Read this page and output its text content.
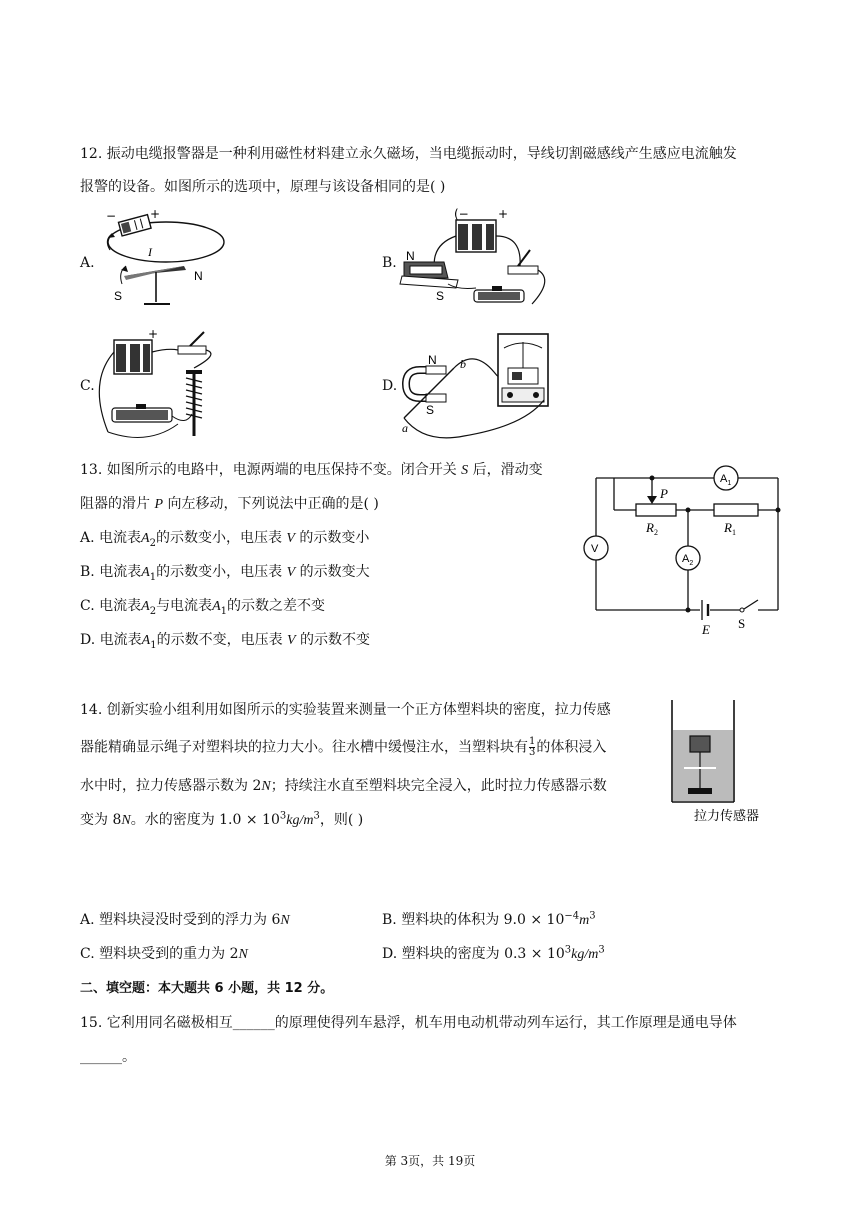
12. 振动电缆报警器是一种利用磁性材料建立永久磁场，当电缆振动时，导线切割磁感线产生感应电流触发
报警的设备。如图所示的选项中，原理与该设备相同的是( )
A.	B.
C.	D.
−	+
I
S
N
(− +
N
S
+
N
S
a
b
13. 如图所示的电路中，电源两端的电压保持不变。闭合开关 S 后，滑动变
阻器的滑片 P 向左移动，下列说法中正确的是( )
A. 电流表$A_2$的示数变小，电压表 V 的示数变小
B. 电流表$A_1$的示数变小，电压表 V 的示数变大
C. 电流表$A_2$与电流表$A_1$的示数之差不变
D. 电流表$A_1$的示数不变，电压表 V 的示数不变
$A_1$
V
$A_2$
P
$R_2$	$R_1$
E S
14. 创新实验小组利用如图所示的实验装置来测量一个正方体塑料块的密度，拉力传感
器能精确显示绳子对塑料块的拉力大小。往水槽中缓慢注水，当塑料块有 $\frac{1}{3}$ 的体积浸入
水中时，拉力传感器示数为 2N；持续注水直至塑料块完全浸入，此时拉力传感器示数
变为 8N。水的密度为 $1.0 \times 10^3kg/m^3$，则( )	拉力传感器
A. 塑料块浸没时受到的浮力为 6N	B. 塑料块的体积为 $9.0 \times 10^{-4}m^3$
C. 塑料块受到的重力为 2N	D. 塑料块的密度为 $0.3 \times 10^3kg/m^3$
二、填空题：本大题共 6 小题，共 12 分。
15. 它利用同名磁极相互______的原理使得列车悬浮，机车用电动机带动列车运行，其工作原理是通电导体
______。
第 3页，共 19页
